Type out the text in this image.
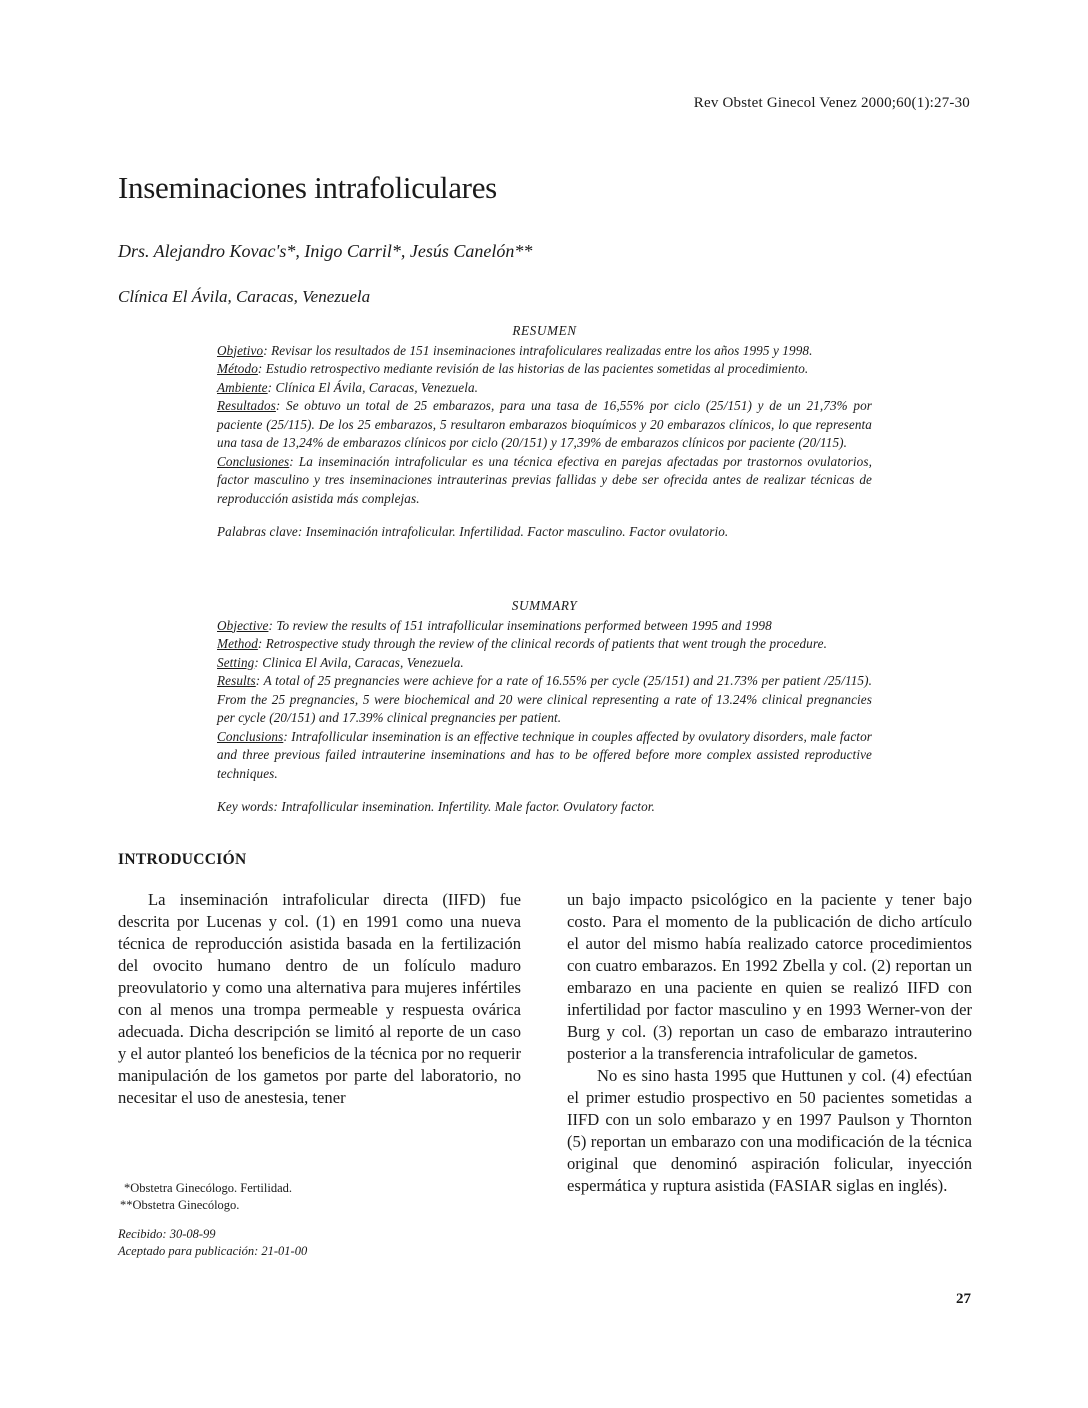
Rev Obstet Ginecol Venez 2000;60(1):27-30
Inseminaciones intrafoliculares
Drs. Alejandro Kovac's*, Inigo Carril*, Jesús Canelón**
Clínica El Ávila, Caracas, Venezuela

RESUMEN

Objetivo: Revisar los resultados de 151 inseminaciones intrafoliculares realizadas entre los años 1995 y 1998.

Método: Estudio retrospectivo mediante revisión de las historias de las pacientes sometidas al procedimiento.

Ambiente: Clínica El Ávila, Caracas, Venezuela.

Resultados: Se obtuvo un total de 25 embarazos, para una tasa de 16,55% por ciclo (25/151) y de un 21,73% por paciente (25/115). De los 25 embarazos, 5 resultaron embarazos bioquímicos y 20 embarazos clínicos, lo que representa una tasa de 13,24% de embarazos clínicos por ciclo (20/151) y 17,39% de embarazos clínicos por paciente (20/115).

Conclusiones: La inseminación intrafolicular es una técnica efectiva en parejas afectadas por trastornos ovulatorios, factor masculino y tres inseminaciones intrauterinas previas fallidas y debe ser ofrecida antes de realizar técnicas de reproducción asistida más complejas.

Palabras clave: Inseminación intrafolicular. Infertilidad. Factor masculino. Factor ovulatorio.

SUMMARY

Objective: To review the results of 151 intrafollicular inseminations performed between 1995 and 1998

Method: Retrospective study through the review of the clinical records of patients that went trough the procedure.

Setting: Clinica El Avila, Caracas, Venezuela.

Results: A total of 25 pregnancies were achieve for a rate of 16.55% per cycle (25/151) and 21.73% per patient /25/115). From the 25 pregnancies, 5 were biochemical and 20 were clinical representing a rate of 13.24% clinical pregnancies per cycle (20/151) and 17.39% clinical pregnancies per patient.

Conclusions: Intrafollicular insemination is an effective technique in couples affected by ovulatory disorders, male factor and three previous failed intrauterine inseminations and has to be offered before more complex assisted reproductive techniques.

Key words: Intrafollicular insemination. Infertility. Male factor. Ovulatory factor.

INTRODUCCIÓN

La inseminación intrafolicular directa (IIFD) fue descrita por Lucenas y col. (1) en 1991 como una nueva técnica de reproducción asistida basada en la fertilización del ovocito humano dentro de un folículo maduro preovulatorio y como una alternativa para mujeres infértiles con al menos una trompa permeable y respuesta ovárica adecuada. Dicha descripción se limitó al reporte de un caso y el autor planteó los beneficios de la técnica por no requerir manipulación de los gametos por parte del laboratorio, no necesitar el uso de anestesia, tener

un bajo impacto psicológico en la paciente y tener bajo costo. Para el momento de la publicación de dicho artículo el autor del mismo había realizado catorce procedimientos con cuatro embarazos. En 1992 Zbella y col. (2) reportan un embarazo en una paciente en quien se realizó IIFD con infertilidad por factor masculino y en 1993 Werner-von der Burg y col. (3) reportan un caso de embarazo intrauterino posterior a la transferencia intrafolicular de gametos.

No es sino hasta 1995 que Huttunen y col. (4) efectúan el primer estudio prospectivo en 50 pacientes sometidas a IIFD con un solo embarazo y en 1997 Paulson y Thornton (5) reportan un embarazo con una modificación de la técnica original que denominó aspiración folicular, inyección espermática y ruptura asistida (FASIAR siglas en inglés).

*Obstetra Ginecólogo. Fertilidad.
**Obstetra Ginecólogo.
Recibido: 30-08-99
Aceptado para publicación: 21-01-00
27
